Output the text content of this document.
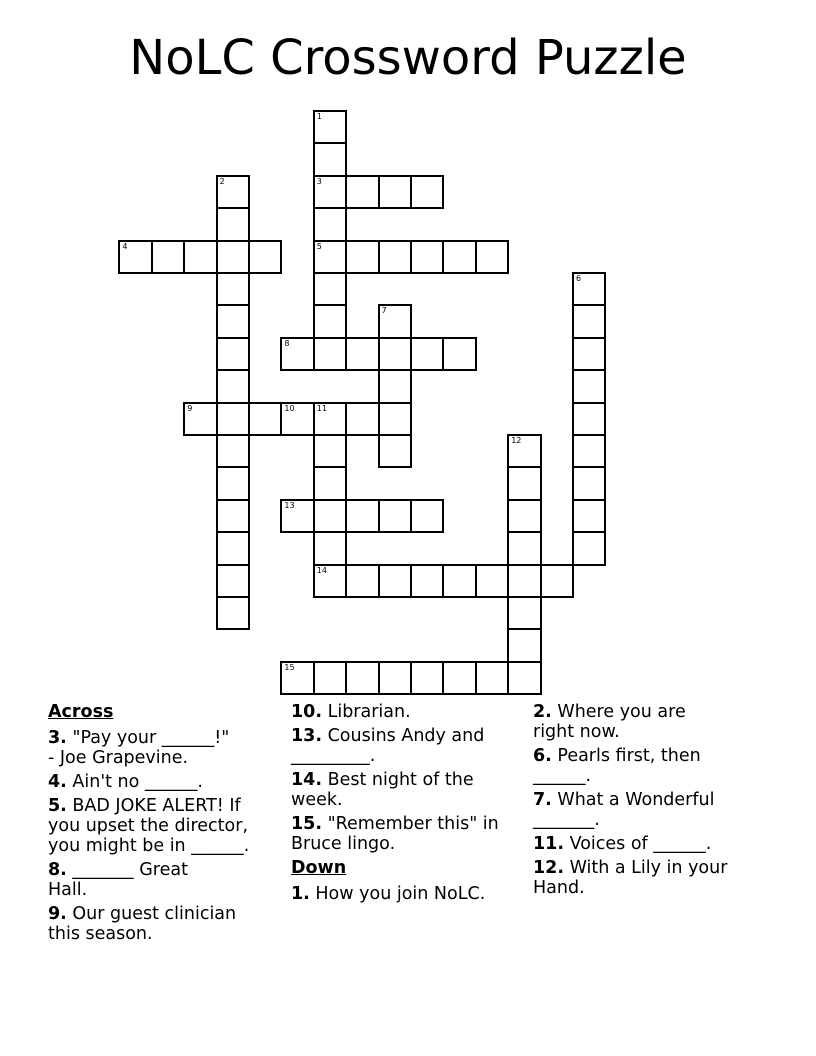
NoLC Crossword Puzzle
1
2	3
4	5
6
7
8
9	10	11
12
13
14
15
Across
3. "Pay your ______!"
- Joe Grapevine.
4. Ain't no ______.
5. BAD JOKE ALERT! If
you upset the director,
you might be in ______.
8. _______ Great
Hall.
9. Our guest clinician
this season.
10. Librarian.
13. Cousins Andy and
_________.
14. Best night of the
week.
15. "Remember this" in
Bruce lingo.
Down
1. How you join NoLC.
2. Where you are
right now.
6. Pearls first, then
______.
7. What a Wonderful
_______.
11. Voices of ______.
12. With a Lily in your
Hand.
